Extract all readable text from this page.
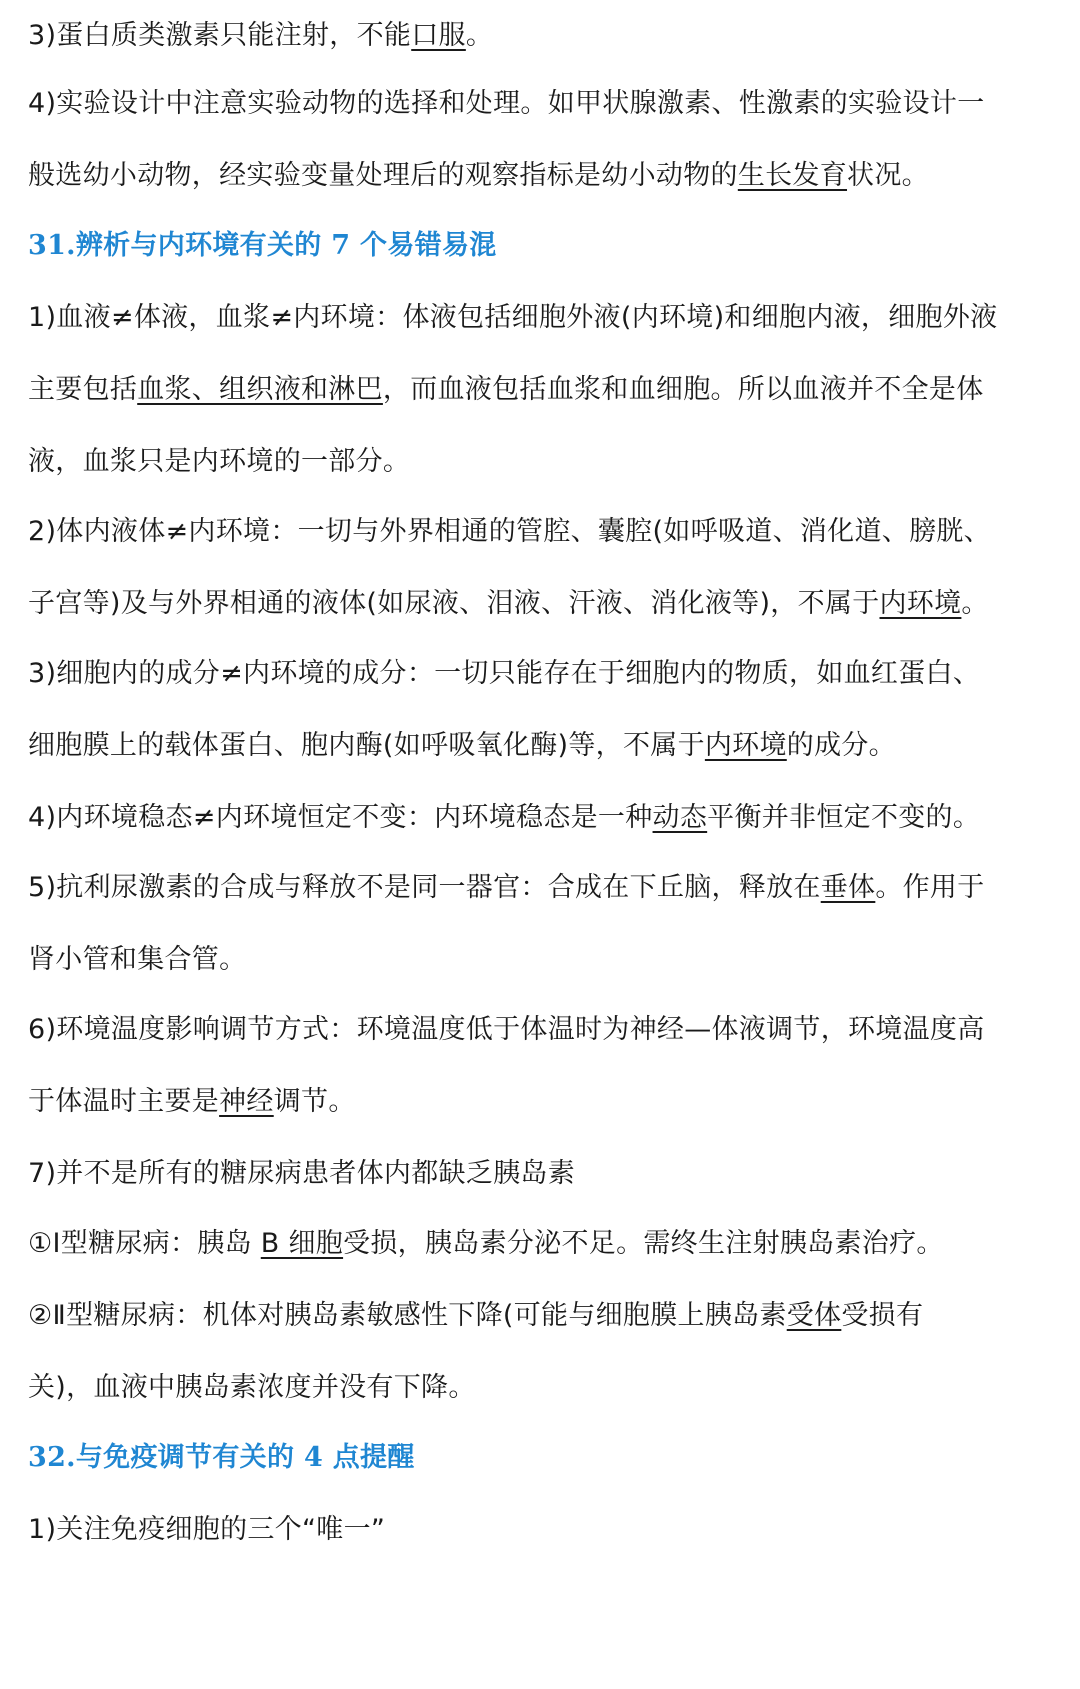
3)蛋白质类激素只能注射，不能口服。
4)实验设计中注意实验动物的选择和处理。如甲状腺激素、性激素的实验设计一
般选幼小动物，经实验变量处理后的观察指标是幼小动物的生长发育状况。
31.辨析与内环境有关的 7 个易错易混
1)血液≠体液，血浆≠内环境：体液包括细胞外液(内环境)和细胞内液，细胞外液
主要包括血浆、组织液和淋巴，而血液包括血浆和血细胞。所以血液并不全是体
液，血浆只是内环境的一部分。
2)体内液体≠内环境：一切与外界相通的管腔、囊腔(如呼吸道、消化道、膀胱、
子宫等)及与外界相通的液体(如尿液、泪液、汗液、消化液等)，不属于内环境。
3)细胞内的成分≠内环境的成分：一切只能存在于细胞内的物质，如血红蛋白、
细胞膜上的载体蛋白、胞内酶(如呼吸氧化酶)等，不属于内环境的成分。
4)内环境稳态≠内环境恒定不变：内环境稳态是一种动态平衡并非恒定不变的。
5)抗利尿激素的合成与释放不是同一器官：合成在下丘脑，释放在垂体。作用于
肾小管和集合管。
6)环境温度影响调节方式：环境温度低于体温时为神经—体液调节，环境温度高
于体温时主要是神经调节。
7)并不是所有的糖尿病患者体内都缺乏胰岛素
①Ⅰ型糖尿病：胰岛 B 细胞受损，胰岛素分泌不足。需终生注射胰岛素治疗。
②Ⅱ型糖尿病：机体对胰岛素敏感性下降(可能与细胞膜上胰岛素受体受损有
关)，血液中胰岛素浓度并没有下降。
32.与免疫调节有关的 4 点提醒
1)关注免疫细胞的三个“唯一”
